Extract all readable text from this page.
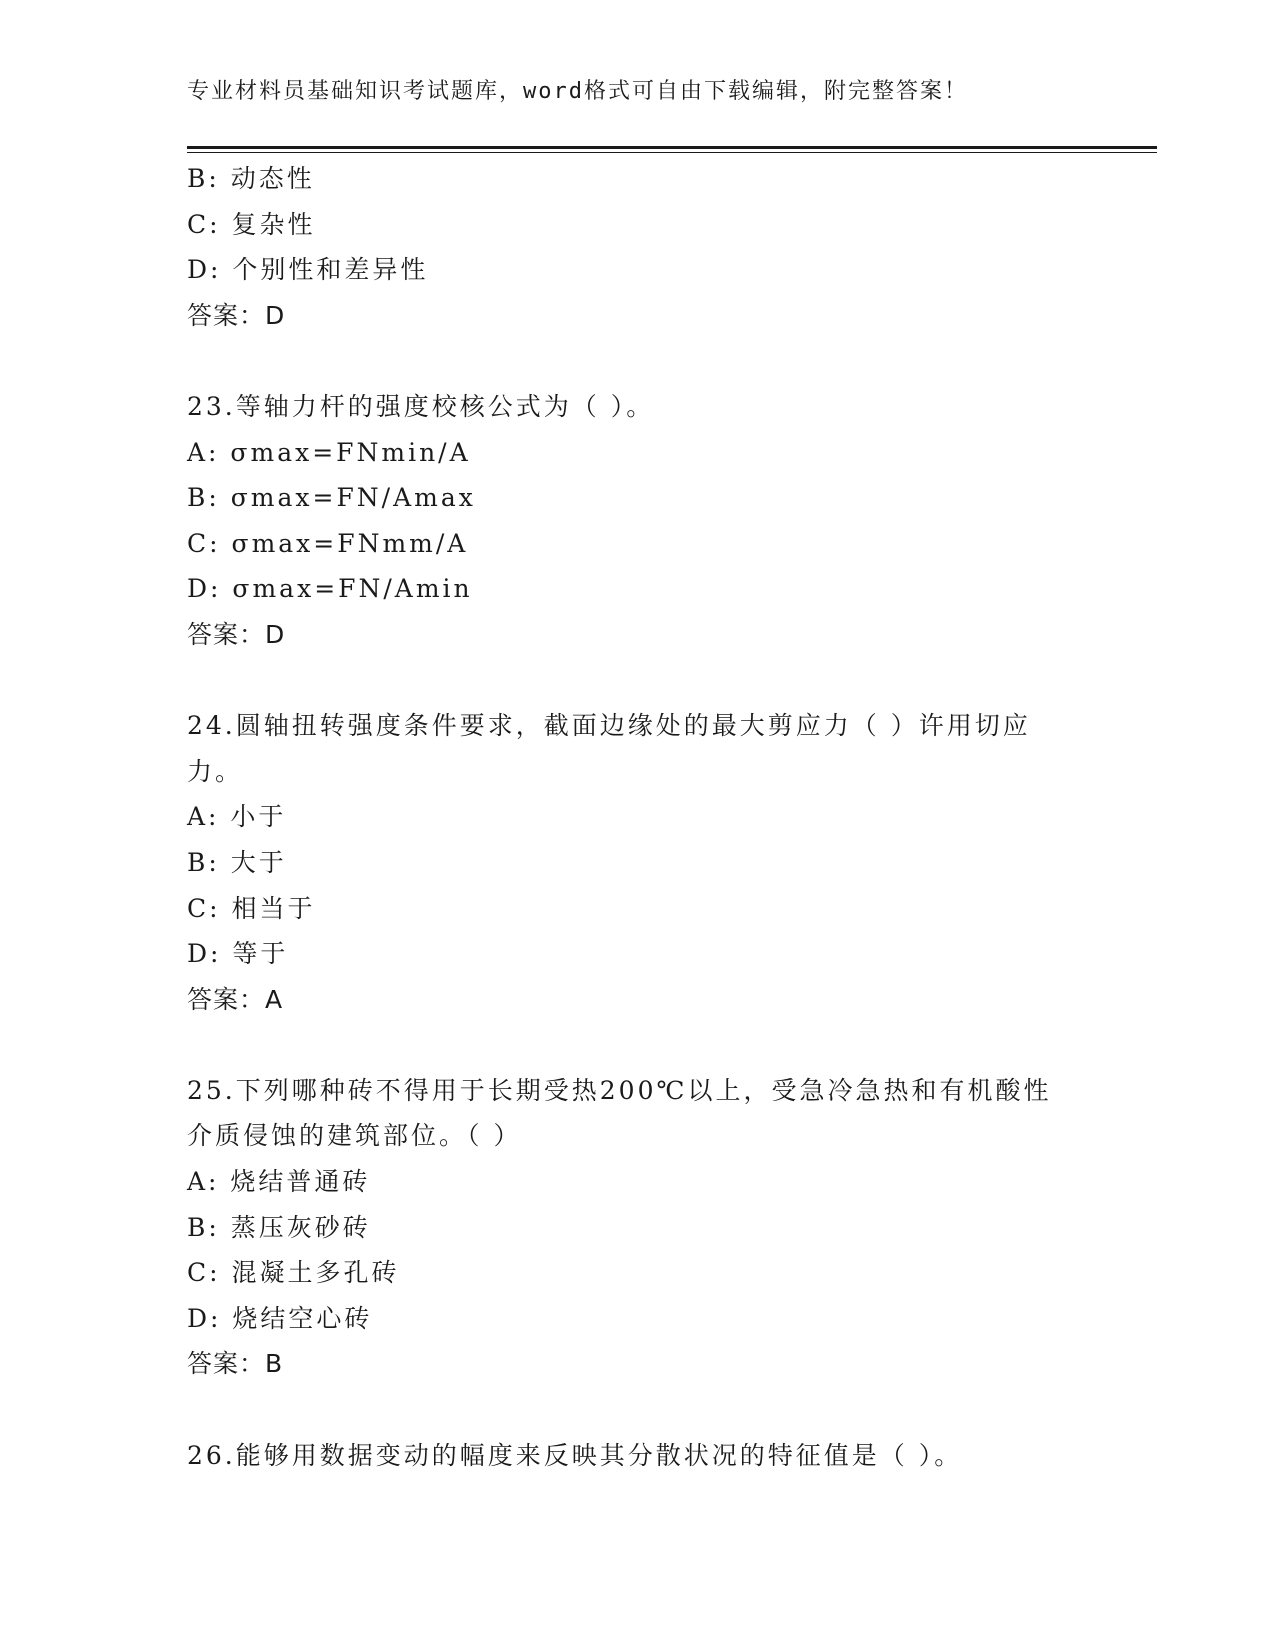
专业材料员基础知识考试题库，word格式可自由下载编辑，附完整答案！
B: 动态性
C: 复杂性
D: 个别性和差异性
答案：D
23.等轴力杆的强度校核公式为（ ）。
A: σmax=FNmin/A
B: σmax=FN/Amax
C: σmax=FNmm/A
D: σmax=FN/Amin
答案：D
24.圆轴扭转强度条件要求，截面边缘处的最大剪应力（ ）许用切应
力。
A: 小于
B: 大于
C: 相当于
D: 等于
答案：A
25.下列哪种砖不得用于长期受热200℃以上，受急冷急热和有机酸性
介质侵蚀的建筑部位。（ ）
A: 烧结普通砖
B: 蒸压灰砂砖
C: 混凝土多孔砖
D: 烧结空心砖
答案：B
26.能够用数据变动的幅度来反映其分散状况的特征值是（ ）。
